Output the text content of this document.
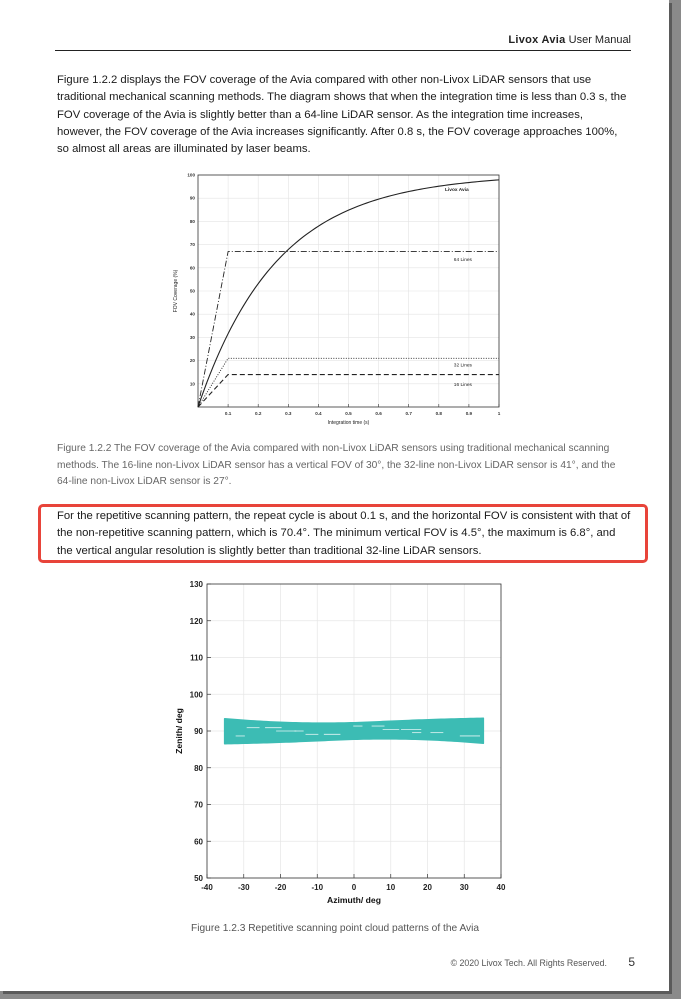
Livox Avia User Manual

Figure 1.2.2 displays the FOV coverage of the Avia compared with other non-Livox LiDAR sensors that use traditional mechanical scanning methods. The diagram shows that when the integration time is less than 0.3 s, the FOV coverage of the Avia is slightly better than a 64-line LiDAR sensor. As the integration time increases, however, the FOV coverage of the Avia increases significantly. After 0.8 s, the FOV coverage approaches 100%, so almost all areas are illuminated by laser beams.

0.1	0.2	0.3	0.4	0.5	0.6	0.7	0.8	0.9	1
10
20
30
40
50
60
70
80
90
100
Livox Avia
64 Lines
32 Lines
16 Lines
Integration time (s)
FOV Coverage (%)

Figure 1.2.2 The FOV coverage of the Avia compared with non-Livox LiDAR sensors using traditional mechanical scanning methods. The 16-line non-Livox LiDAR sensor has a vertical FOV of 30°, the 32-line non-Livox LiDAR sensor is 41°, and the 64-line non-Livox LiDAR sensor is 27°.

For the repetitive scanning pattern, the repeat cycle is about 0.1 s, and the horizontal FOV is consistent with that of the non-repetitive scanning pattern, which is 70.4°. The minimum vertical FOV is 4.5°, the maximum is 6.8°, and the vertical angular resolution is slightly better than traditional 32-line LiDAR sensors.

-40	-30	-20	-10	0	10	20	30	40
50
60
70
80
90
100
110
120
130
Azimuth/ deg
Zenith/ deg
Figure 1.2.3 Repetitive scanning point cloud patterns of the Avia
© 2020 Livox Tech. All Rights Reserved.	5
